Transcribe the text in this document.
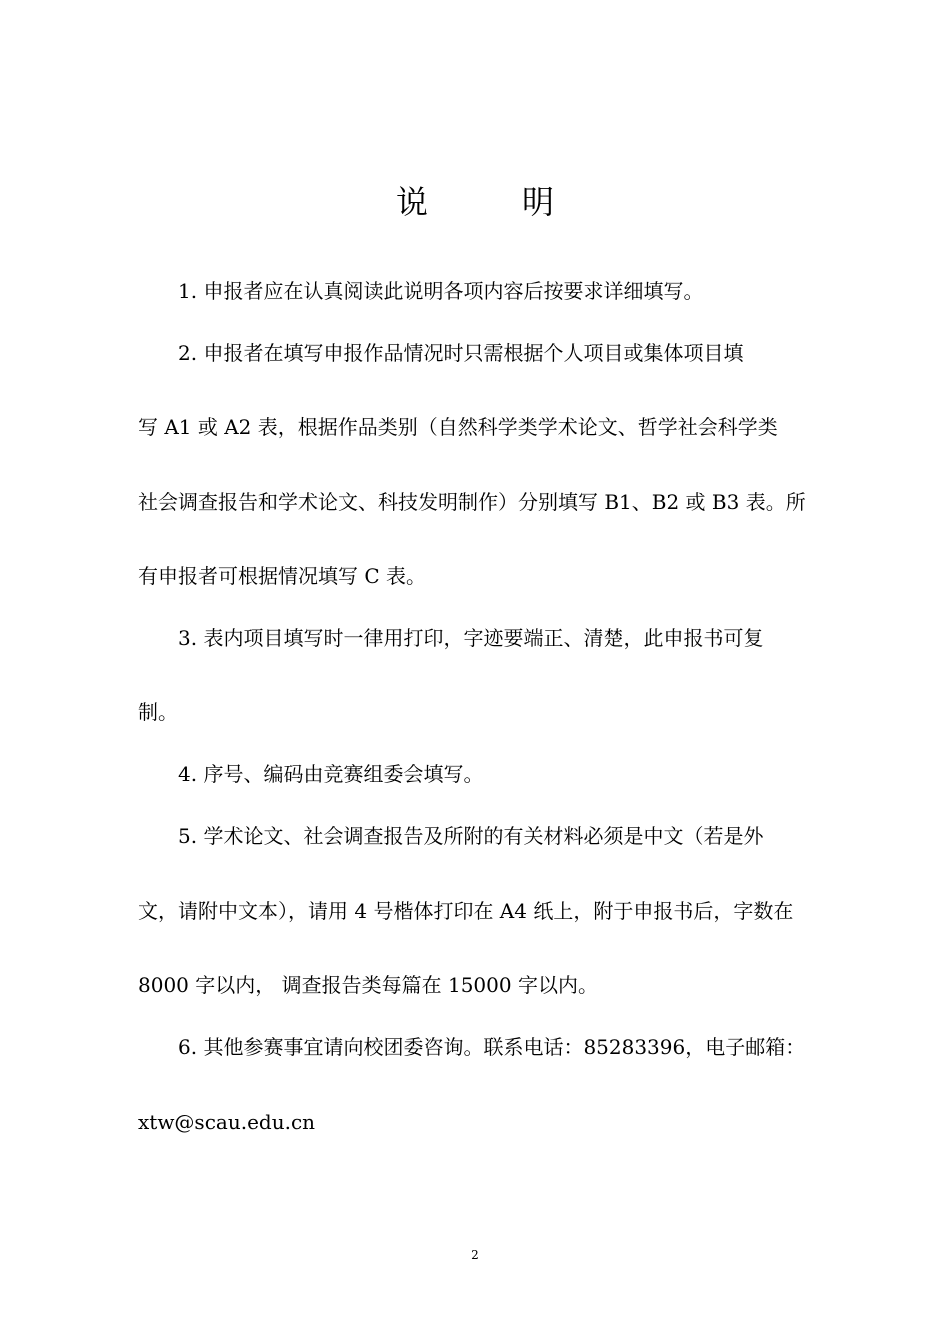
说	明
1. 申报者应在认真阅读此说明各项内容后按要求详细填写。
2. 申报者在填写申报作品情况时只需根据个人项目或集体项目填
写 A1 或 A2 表，根据作品类别（自然科学类学术论文、哲学社会科学类
社会调查报告和学术论文、科技发明制作）分别填写 B1、B2 或 B3 表。所
有申报者可根据情况填写 C 表。
3. 表内项目填写时一律用打印，字迹要端正、清楚，此申报书可复
制。
4. 序号、编码由竞赛组委会填写。
5. 学术论文、社会调查报告及所附的有关材料必须是中文（若是外
文，请附中文本），请用 4 号楷体打印在 A4 纸上，附于申报书后，字数在
8000 字以内， 调查报告类每篇在 15000 字以内。
6. 其他参赛事宜请向校团委咨询。联系电话：85283396，电子邮箱：
xtw@scau.edu.cn
2
